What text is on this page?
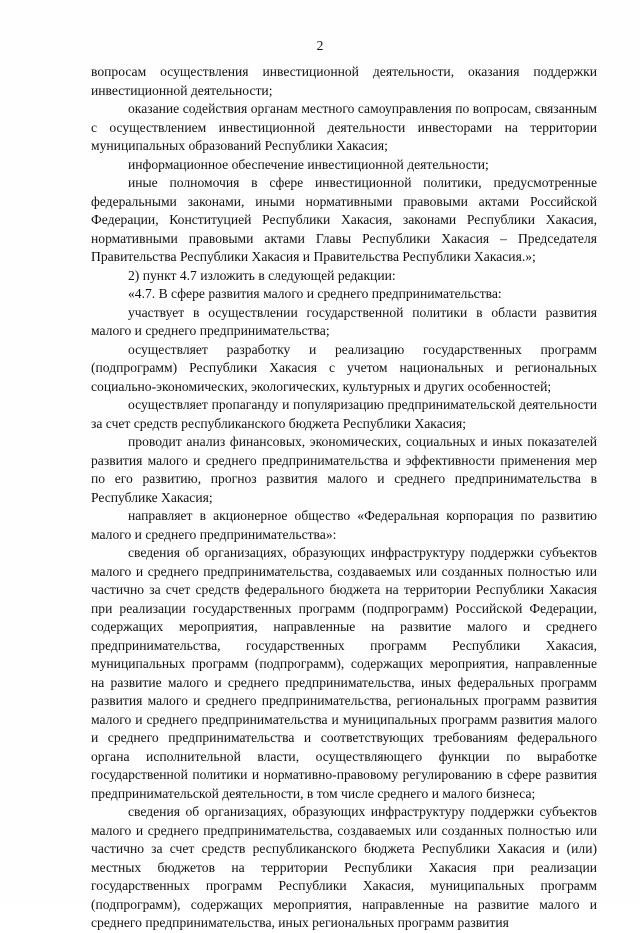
2

вопросам осуществления инвестиционной деятельности, оказания поддержки инвестиционной деятельности;

оказание содействия органам местного самоуправления по вопросам, связанным с осуществлением инвестиционной деятельности инвесторами на территории муниципальных образований Республики Хакасия;

информационное обеспечение инвестиционной деятельности;

иные полномочия в сфере инвестиционной политики, предусмотренные федеральными законами, иными нормативными правовыми актами Российской Федерации, Конституцией Республики Хакасия, законами Республики Хакасия, нормативными правовыми актами Главы Республики Хакасия – Председателя Правительства Республики Хакасия и Правительства Республики Хакасия.»;

2) пункт 4.7 изложить в следующей редакции:

«4.7. В сфере развития малого и среднего предпринимательства:

участвует в осуществлении государственной политики в области развития малого и среднего предпринимательства;

осуществляет разработку и реализацию государственных программ (подпрограмм) Республики Хакасия с учетом национальных и региональных социально-экономических, экологических, культурных и других особенностей;

осуществляет пропаганду и популяризацию предпринимательской деятельности за счет средств республиканского бюджета Республики Хакасия;

проводит анализ финансовых, экономических, социальных и иных показателей развития малого и среднего предпринимательства и эффективности применения мер по его развитию, прогноз развития малого и среднего предпринимательства в Республике Хакасия;

направляет в акционерное общество «Федеральная корпорация по развитию малого и среднего предпринимательства»:

сведения об организациях, образующих инфраструктуру поддержки субъектов малого и среднего предпринимательства, создаваемых или созданных полностью или частично за счет средств федерального бюджета на территории Республики Хакасия при реализации государственных программ (подпрограмм) Российской Федерации, содержащих мероприятия, направленные на развитие малого и среднего предпринимательства, государственных программ Республики Хакасия, муниципальных программ (подпрограмм), содержащих мероприятия, направленные на развитие малого и среднего предпринимательства, иных федеральных программ развития малого и среднего предпринимательства, региональных программ развития малого и среднего предпринимательства и муниципальных программ развития малого и среднего предпринимательства и соответствующих требованиям федерального органа исполнительной власти, осуществляющего функции по выработке государственной политики и нормативно-правовому регулированию в сфере развития предпринимательской деятельности, в том числе среднего и малого бизнеса;

сведения об организациях, образующих инфраструктуру поддержки субъектов малого и среднего предпринимательства, создаваемых или созданных полностью или частично за счет средств республиканского бюджета Республики Хакасия и (или) местных бюджетов на территории Республики Хакасия при реализации государственных программ Республики Хакасия, муниципальных программ (подпрограмм), содержащих мероприятия, направленные на развитие малого и среднего предпринимательства, иных региональных программ развития
